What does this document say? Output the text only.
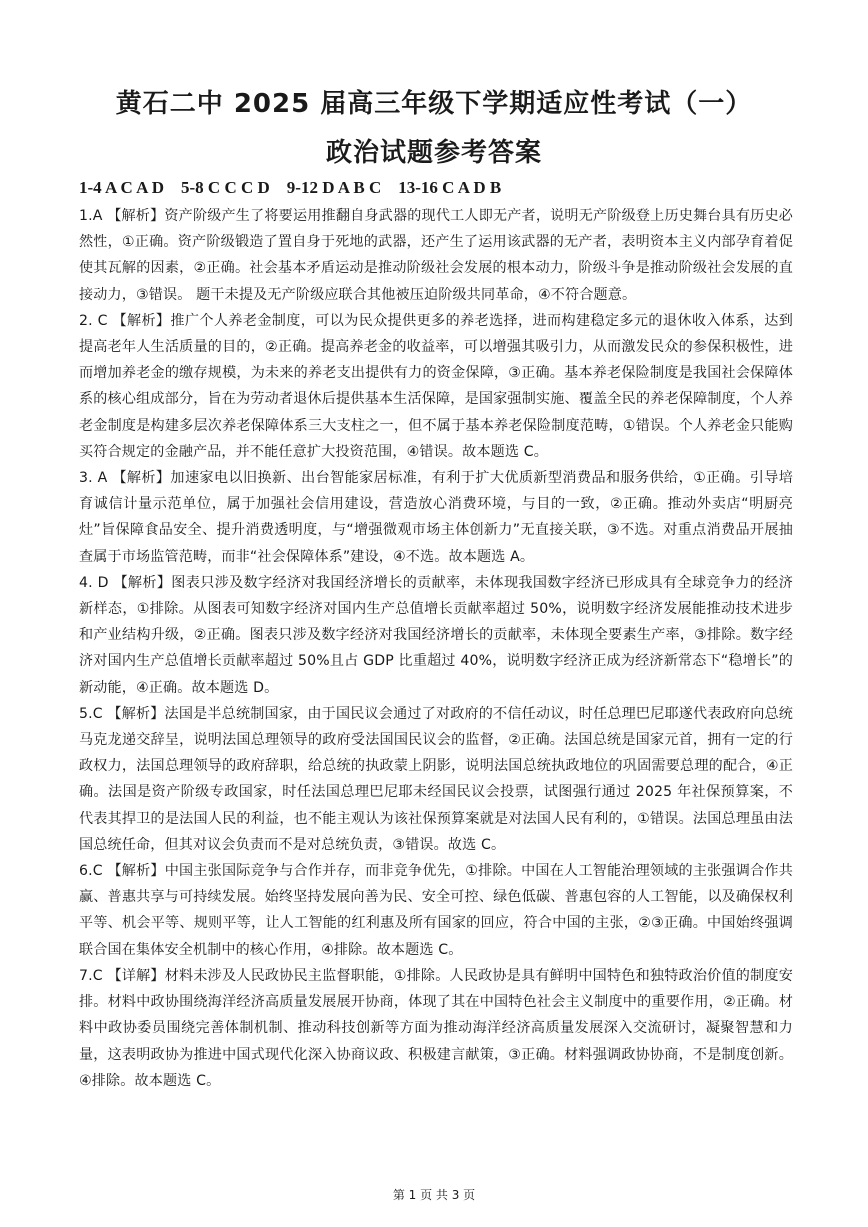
黄石二中 2025 届高三年级下学期适应性考试（一）
政治试题参考答案
1-4 A C A D    5-8 C C C D    9-12 D A B C    13-16 C A D B

1.A 【解析】资产阶级产生了将要运用推翻自身武器的现代工人即无产者，说明无产阶级登上历史舞台具有历史必然性，①正确。资产阶级锻造了置自身于死地的武器，还产生了运用该武器的无产者，表明资本主义内部孕育着促使其瓦解的因素，②正确。社会基本矛盾运动是推动阶级社会发展的根本动力，阶级斗争是推动阶级社会发展的直接动力，③错误。 题干未提及无产阶级应联合其他被压迫阶级共同革命，④不符合题意。

2. C 【解析】推广个人养老金制度，可以为民众提供更多的养老选择，进而构建稳定多元的退休收入体系，达到提高老年人生活质量的目的，②正确。提高养老金的收益率，可以增强其吸引力，从而激发民众的参保积极性，进而增加养老金的缴存规模，为未来的养老支出提供有力的资金保障，③正确。基本养老保险制度是我国社会保障体系的核心组成部分，旨在为劳动者退休后提供基本生活保障，是国家强制实施、覆盖全民的养老保障制度，个人养老金制度是构建多层次养老保障体系三大支柱之一，但不属于基本养老保险制度范畴，①错误。个人养老金只能购买符合规定的金融产品，并不能任意扩大投资范围，④错误。故本题选 C。

3. A 【解析】加速家电以旧换新、出台智能家居标准，有利于扩大优质新型消费品和服务供给，①正确。引导培育诚信计量示范单位，属于加强社会信用建设，营造放心消费环境，与目的一致，②正确。推动外卖店“明厨亮灶”旨保障食品安全、提升消费透明度，与“增强微观市场主体创新力”无直接关联，③不选。对重点消费品开展抽查属于市场监管范畴，而非“社会保障体系”建设，④不选。故本题选 A。

4. D 【解析】图表只涉及数字经济对我国经济增长的贡献率，未体现我国数字经济已形成具有全球竞争力的经济新样态，①排除。从图表可知数字经济对国内生产总值增长贡献率超过 50%，说明数字经济发展能推动技术进步和产业结构升级，②正确。图表只涉及数字经济对我国经济增长的贡献率，未体现全要素生产率，③排除。数字经济对国内生产总值增长贡献率超过 50%且占 GDP 比重超过 40%，说明数字经济正成为经济新常态下“稳增长”的新动能，④正确。故本题选 D。

5.C 【解析】法国是半总统制国家，由于国民议会通过了对政府的不信任动议，时任总理巴尼耶遂代表政府向总统马克龙递交辞呈，说明法国总理领导的政府受法国国民议会的监督，②正确。法国总统是国家元首，拥有一定的行政权力，法国总理领导的政府辞职，给总统的执政蒙上阴影，说明法国总统执政地位的巩固需要总理的配合，④正确。法国是资产阶级专政国家，时任法国总理巴尼耶未经国民议会投票，试图强行通过 2025 年社保预算案，不代表其捍卫的是法国人民的利益，也不能主观认为该社保预算案就是对法国人民有利的，①错误。法国总理虽由法国总统任命，但其对议会负责而不是对总统负责，③错误。故选 C。

6.C 【解析】中国主张国际竞争与合作并存，而非竞争优先，①排除。中国在人工智能治理领域的主张强调合作共赢、普惠共享与可持续发展。始终坚持发展向善为民、安全可控、绿色低碳、普惠包容的人工智能，以及确保权利平等、机会平等、规则平等，让人工智能的红利惠及所有国家的回应，符合中国的主张，②③正确。中国始终强调联合国在集体安全机制中的核心作用，④排除。故本题选 C。

7.C 【详解】材料未涉及人民政协民主监督职能，①排除。人民政协是具有鲜明中国特色和独特政治价值的制度安排。材料中政协围绕海洋经济高质量发展展开协商，体现了其在中国特色社会主义制度中的重要作用，②正确。材料中政协委员围绕完善体制机制、推动科技创新等方面为推动海洋经济高质量发展深入交流研讨，凝聚智慧和力量，这表明政协为推进中国式现代化深入协商议政、积极建言献策，③正确。材料强调政协协商，不是制度创新。④排除。故本题选 C。

第 1 页 共 3 页
